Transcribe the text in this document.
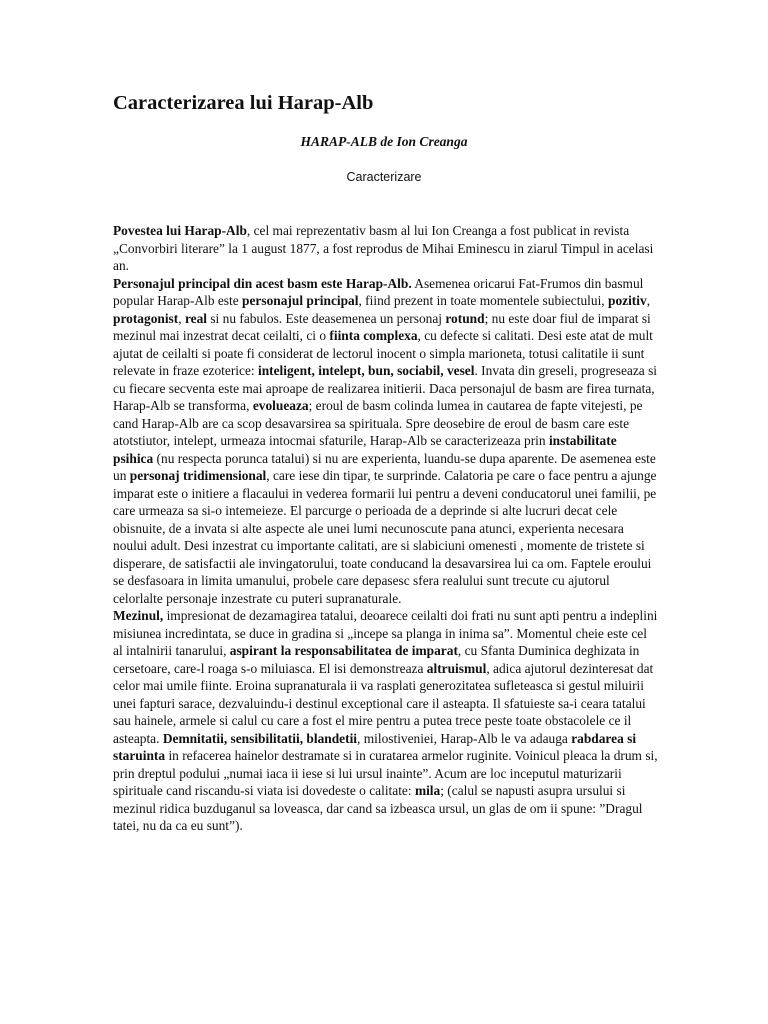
Caracterizarea lui Harap-Alb
HARAP-ALB de Ion Creanga
Caracterizare

Povestea lui Harap-Alb, cel mai reprezentativ basm al lui Ion Creanga a fost publicat in revista „Convorbiri literare” la 1 august 1877, a fost reprodus de Mihai Eminescu in ziarul Timpul in acelasi an.

Personajul principal din acest basm este Harap-Alb. Asemenea oricarui Fat-Frumos din basmul popular Harap-Alb este personajul principal, fiind prezent in toate momentele subiectului, pozitiv, protagonist, real si nu fabulos. Este deasemenea un personaj rotund; nu este doar fiul de imparat si mezinul mai inzestrat decat ceilalti, ci o fiinta complexa, cu defecte si calitati. Desi este atat de mult ajutat de ceilalti si poate fi considerat de lectorul inocent o simpla marioneta, totusi calitatile ii sunt relevate in fraze ezoterice: inteligent, intelept, bun, sociabil, vesel. Invata din greseli, progreseaza si cu fiecare secventa este mai aproape de realizarea initierii. Daca personajul de basm are firea turnata, Harap-Alb se transforma, evolueaza; eroul de basm colinda lumea in cautarea de fapte vitejesti, pe cand Harap-Alb are ca scop desavarsirea sa spirituala. Spre deosebire de eroul de basm care este atotstiutor, intelept, urmeaza intocmai sfaturile, Harap-Alb se caracterizeaza prin instabilitate psihica (nu respecta porunca tatalui) si nu are experienta, luandu-se dupa aparente. De asemenea este un personaj tridimensional, care iese din tipar, te surprinde. Calatoria pe care o face pentru a ajunge imparat este o initiere a flacaului in vederea formarii lui pentru a deveni conducatorul unei familii, pe care urmeaza sa si-o intemeieze. El parcurge o perioada de a deprinde si alte lucruri decat cele obisnuite, de a invata si alte aspecte ale unei lumi necunoscute pana atunci, experienta necesara noului adult. Desi inzestrat cu importante calitati, are si slabiciuni omenesti , momente de tristete si disperare, de satisfactii ale invingatorului, toate conducand la desavarsirea lui ca om. Faptele eroului se desfasoara in limita umanului, probele care depasesc sfera realului sunt trecute cu ajutorul celorlalte personaje inzestrate cu puteri supranaturale.

Mezinul, impresionat de dezamagirea tatalui, deoarece ceilalti doi frati nu sunt apti pentru a indeplini misiunea incredintata, se duce in gradina si „incepe sa planga in inima sa”. Momentul cheie este cel al intalnirii tanarului, aspirant la responsabilitatea de imparat, cu Sfanta Duminica deghizata in cersetoare, care-l roaga s-o miluiasca. El isi demonstreaza altruismul, adica ajutorul dezinteresat dat celor mai umile fiinte. Eroina supranaturala ii va rasplati generozitatea sufleteasca si gestul miluirii unei fapturi sarace, dezvaluindu-i destinul exceptional care il asteapta. Il sfatuieste sa-i ceara tatalui sau hainele, armele si calul cu care a fost el mire pentru a putea trece peste toate obstacolele ce il asteapta. Demnitatii, sensibilitatii, blandetii, milostiveniei, Harap-Alb le va adauga rabdarea si staruinta in refacerea hainelor destramate si in curatarea armelor ruginite. Voinicul pleaca la drum si, prin dreptul podului „numai iaca ii iese si lui ursul inainte”. Acum are loc inceputul maturizarii spirituale cand riscandu-si viata isi dovedeste o calitate: mila; (calul se napusti asupra ursului si mezinul ridica buzduganul sa loveasca, dar cand sa izbeasca ursul, un glas de om ii spune: ”Dragul tatei, nu da ca eu sunt”).
